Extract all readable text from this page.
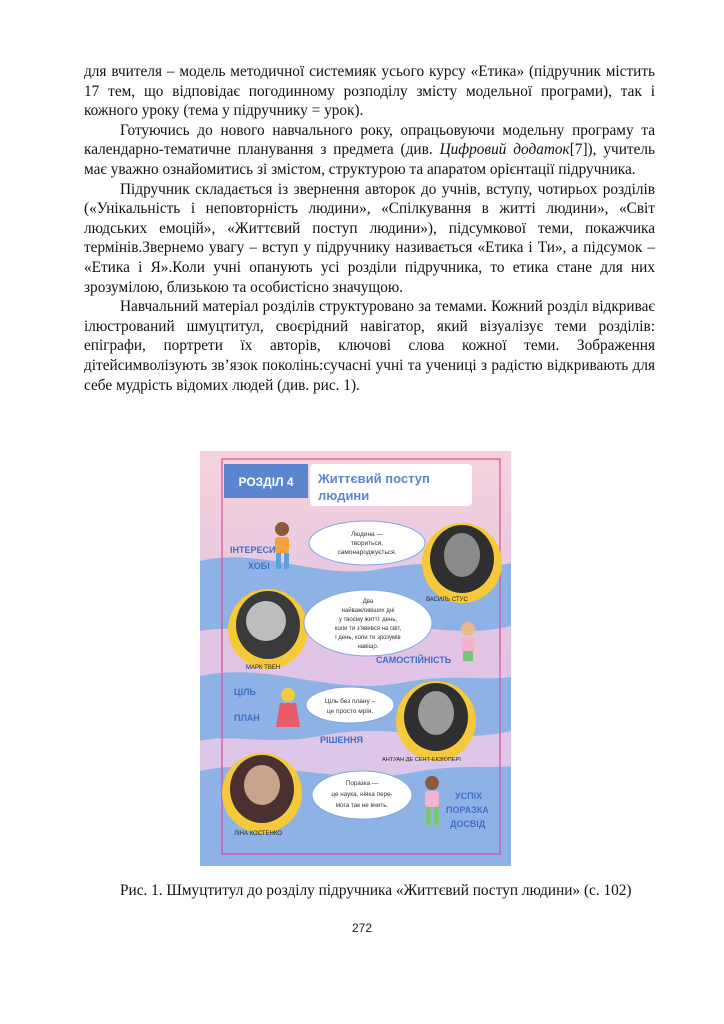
для вчителя – модель методичної системияк усього курсу «Етика» (підручник містить 17 тем, що відповідає погодинному розподілу змісту модельної програми), так і кожного уроку (тема у підручнику = урок).

Готуючись до нового навчального року, опрацьовуючи модельну програму та календарно-тематичне планування з предмета (див. Цифровий додаток[7]), учитель має уважно ознайомитись зі змістом, структурою та апаратом орієнтації підручника.

Підручник складається із звернення авторок до учнів, вступу, чотирьох розділів («Унікальність і неповторність людини», «Спілкування в житті людини», «Світ людських емоцій», «Життєвий поступ людини»), підсумкової теми, покажчика термінів.Звернемо увагу – вступ у підручнику називається «Етика і Ти», а підсумок – «Етика і Я».Коли учні опанують усі розділи підручника, то етика стане для них зрозумілою, близькою та особистісно значущою.

Навчальний матеріал розділів структуровано за темами. Кожний розділ відкриває ілюстрований шмуцтитул, своєрідний навігатор, який візуалізує теми розділів: епіграфи, портрети їх авторів, ключові слова кожної теми. Зображення дітейсимволізують зв’язок поколінь:сучасні учні та учениці з радістю відкривають для себе мудрість відомих людей (див. рис. 1).

РОЗДІЛ 4 Життєвий поступ
людини
ІНТЕРЕСИ
ХОБІ
САМОСТІЙНІСТЬ
ЦІЛЬ
ПЛАН
РІШЕННЯ
УСПІХ
ПОРАЗКА
ДОСВІД
ВАСИЛЬ СТУС
МАРК ТВЕН
АНТУАН ДЕ СЕНТ-ЕКЗЮПЕРІ
ЛІНА КОСТЕНКО
Людина —
твориться,
самонароджується.
Два
найважливіших дні
у твоєму житті: день,
коли ти з'явився на світ,
і день, коли ти зрозумів
навіщо.
Ціль без плану –
це просто мрія.
Поразка —
це наука, ніяка пере-
мога так не вчить.

Рис. 1. Шмуцтитул до розділу підручника «Життєвий поступ людини» (с. 102)

272
